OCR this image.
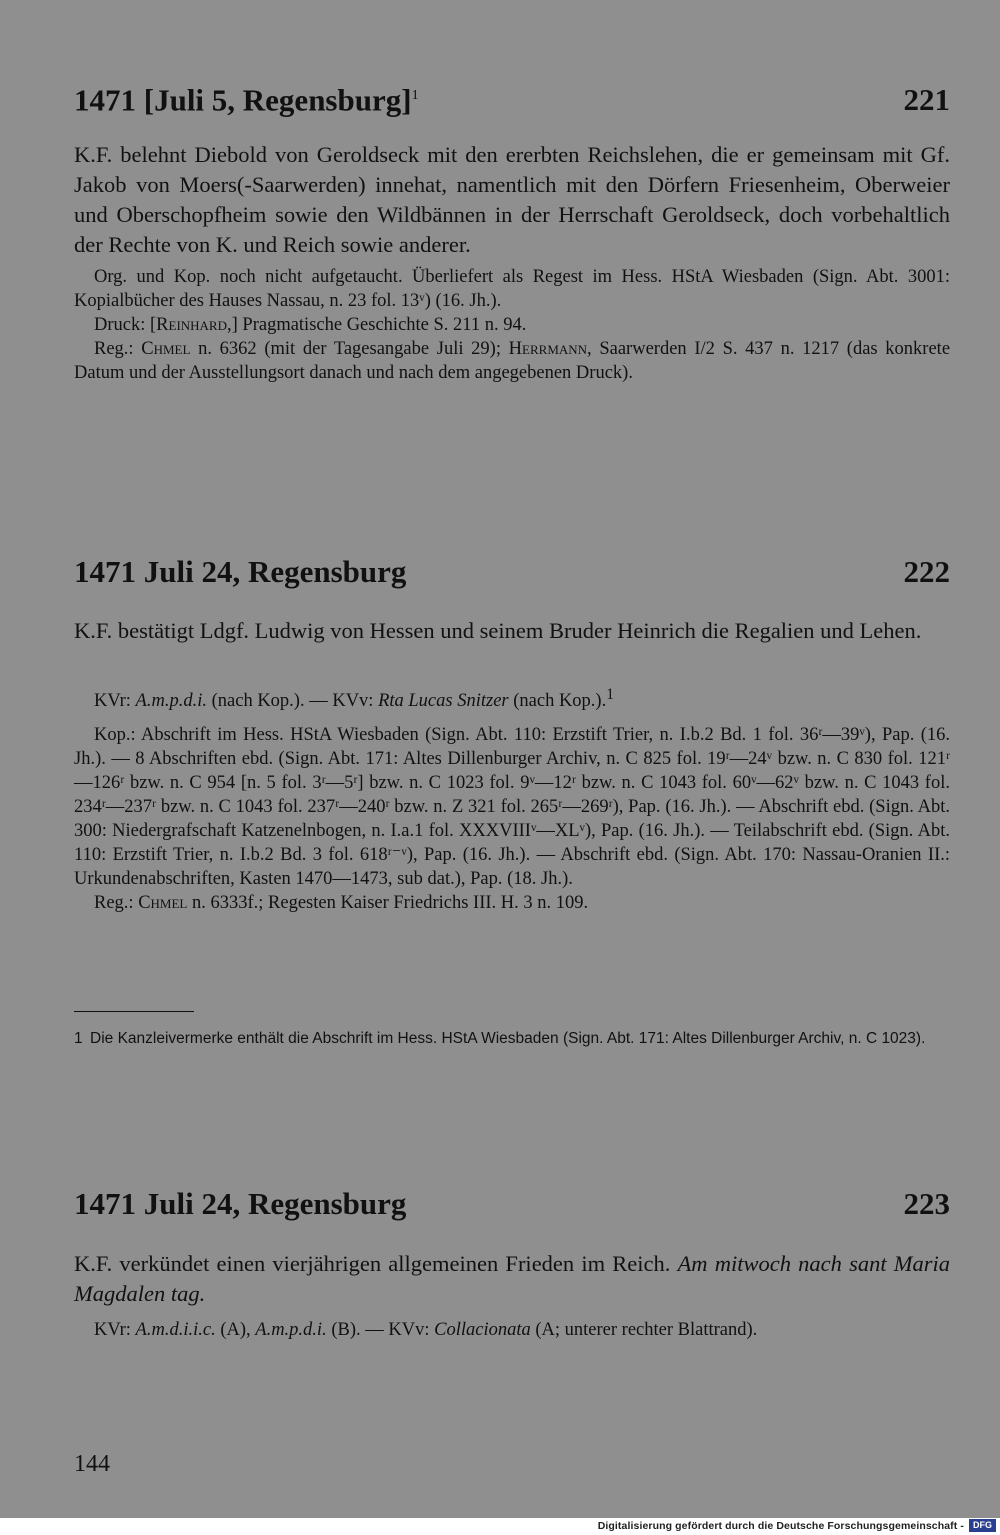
1471 [Juli 5, Regensburg]$^1$	221

K.F. belehnt Diebold von Geroldseck mit den ererbten Reichslehen, die er gemeinsam mit Gf. Jakob von Moers(-Saarwerden) innehat, namentlich mit den Dörfern Friesenheim, Oberweier und Oberschopfheim sowie den Wildbännen in der Herrschaft Geroldseck, doch vorbehaltlich der Rechte von K. und Reich sowie anderer.

Org. und Kop. noch nicht aufgetaucht. Überliefert als Regest im Hess. HStA Wiesbaden (Sign. Abt. 3001: Kopialbücher des Hauses Nassau, n. 23 fol. 13ᵛ) (16. Jh.).

Druck: [Reinhard,] Pragmatische Geschichte S. 211 n. 94.

Reg.: Chmel n. 6362 (mit der Tagesangabe Juli 29); Herrmann, Saarwerden I/2 S. 437 n. 1217 (das konkrete Datum und der Ausstellungsort danach und nach dem angegebenen Druck).

1471 Juli 24, Regensburg	222

K.F. bestätigt Ldgf. Ludwig von Hessen und seinem Bruder Heinrich die Regalien und Lehen.

KVr: A.m.p.d.i. (nach Kop.). — KVv: Rta Lucas Snitzer (nach Kop.).$^1$

Kop.: Abschrift im Hess. HStA Wiesbaden (Sign. Abt. 110: Erzstift Trier, n. I.b.2 Bd. 1 fol. 36ʳ—39ᵛ), Pap. (16. Jh.). — 8 Abschriften ebd. (Sign. Abt. 171: Altes Dillenburger Archiv, n. C 825 fol. 19ʳ—24ᵛ bzw. n. C 830 fol. 121ʳ—126ʳ bzw. n. C 954 [n. 5 fol. 3ʳ—5ʳ] bzw. n. C 1023 fol. 9ᵛ—12ʳ bzw. n. C 1043 fol. 60ᵛ—62ᵛ bzw. n. C 1043 fol. 234ʳ—237ʳ bzw. n. C 1043 fol. 237ʳ—240ʳ bzw. n. Z 321 fol. 265ʳ—269ʳ), Pap. (16. Jh.). — Abschrift ebd. (Sign. Abt. 300: Niedergrafschaft Katzenelnbogen, n. I.a.1 fol. XXXVIIIᵛ—XLᵛ), Pap. (16. Jh.). — Teilabschrift ebd. (Sign. Abt. 110: Erzstift Trier, n. I.b.2 Bd. 3 fol. 618ʳ⁻ᵛ), Pap. (16. Jh.). — Abschrift ebd. (Sign. Abt. 170: Nassau-Oranien II.: Urkundenabschriften, Kasten 1470—1473, sub dat.), Pap. (18. Jh.).

Reg.: Chmel n. 6333f.; Regesten Kaiser Friedrichs III. H. 3 n. 109.

1 Die Kanzleivermerke enthält die Abschrift im Hess. HStA Wiesbaden (Sign. Abt. 171: Altes Dillenburger Archiv, n. C 1023).
1471 Juli 24, Regensburg	223

K.F. verkündet einen vierjährigen allgemeinen Frieden im Reich. Am mitwoch nach sant Maria Magdalen tag.

KVr: A.m.d.i.i.c. (A), A.m.p.d.i. (B). — KVv: Collacionata (A; unterer rechter Blattrand).

144
Digitalisierung gefördert durch die Deutsche Forschungsgemeinschaft -	DFG
